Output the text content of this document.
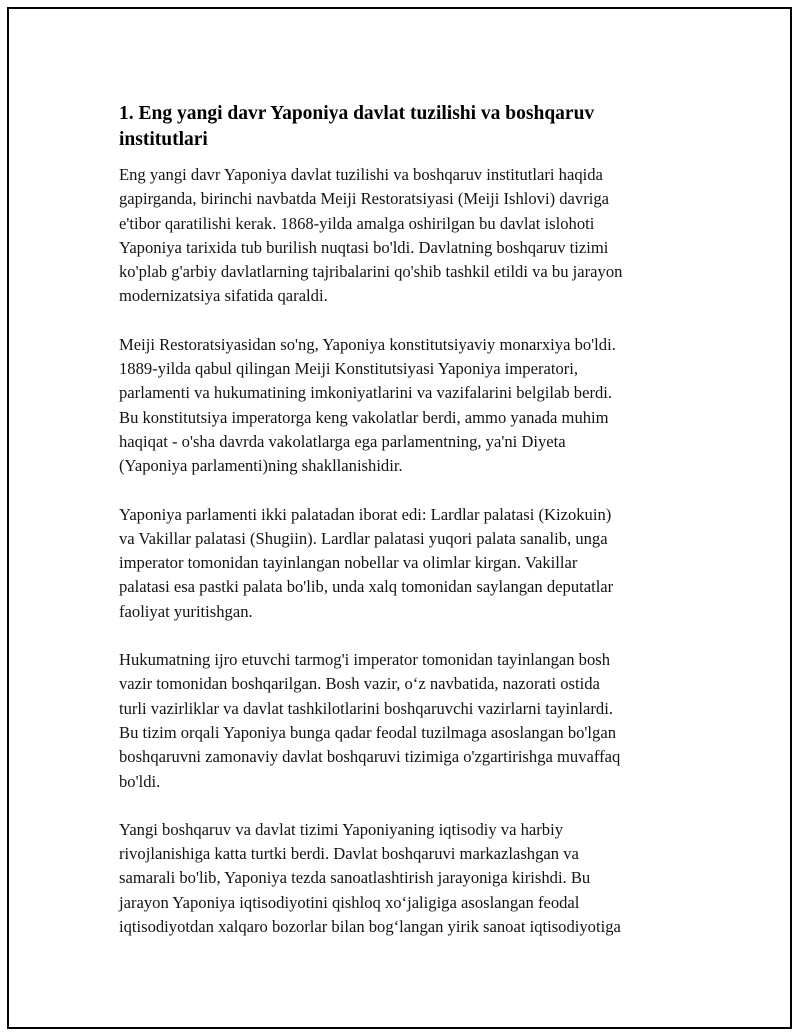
1. Eng yangi davr Yaponiya davlat tuzilishi va boshqaruv
institutlari

Eng yangi davr Yaponiya davlat tuzilishi va boshqaruv institutlari haqida
gapirganda, birinchi navbatda Meiji Restoratsiyasi (Meiji Ishlovi) davriga
e'tibor qaratilishi kerak. 1868-yilda amalga oshirilgan bu davlat islohoti
Yaponiya tarixida tub burilish nuqtasi bo'ldi. Davlatning boshqaruv tizimi
ko'plab g'arbiy davlatlarning tajribalarini qo'shib tashkil etildi va bu jarayon
modernizatsiya sifatida qaraldi.

Meiji Restoratsiyasidan so'ng, Yaponiya konstitutsiyaviy monarxiya bo'ldi.
1889-yilda qabul qilingan Meiji Konstitutsiyasi Yaponiya imperatori,
parlamenti va hukumatining imkoniyatlarini va vazifalarini belgilab berdi.
Bu konstitutsiya imperatorga keng vakolatlar berdi, ammo yanada muhim
haqiqat - o'sha davrda vakolatlarga ega parlamentning, ya'ni Diyeta
(Yaponiya parlamenti)ning shakllanishidir.

Yaponiya parlamenti ikki palatadan iborat edi: Lardlar palatasi (Kizokuin)
va Vakillar palatasi (Shugiin). Lardlar palatasi yuqori palata sanalib, unga
imperator tomonidan tayinlangan nobellar va olimlar kirgan. Vakillar
palatasi esa pastki palata bo'lib, unda xalq tomonidan saylangan deputatlar
faoliyat yuritishgan.

Hukumatning ijro etuvchi tarmog'i imperator tomonidan tayinlangan bosh
vazir tomonidan boshqarilgan. Bosh vazir, o‘z navbatida, nazorati ostida
turli vazirliklar va davlat tashkilotlarini boshqaruvchi vazirlarni tayinlardi.
Bu tizim orqali Yaponiya bunga qadar feodal tuzilmaga asoslangan bo'lgan
boshqaruvni zamonaviy davlat boshqaruvi tizimiga o'zgartirishga muvaffaq
bo'ldi.

Yangi boshqaruv va davlat tizimi Yaponiyaning iqtisodiy va harbiy
rivojlanishiga katta turtki berdi. Davlat boshqaruvi markazlashgan va
samarali bo'lib, Yaponiya tezda sanoatlashtirish jarayoniga kirishdi. Bu
jarayon Yaponiya iqtisodiyotini qishloq xo‘jaligiga asoslangan feodal
iqtisodiyotdan xalqaro bozorlar bilan bog‘langan yirik sanoat iqtisodiyotiga
